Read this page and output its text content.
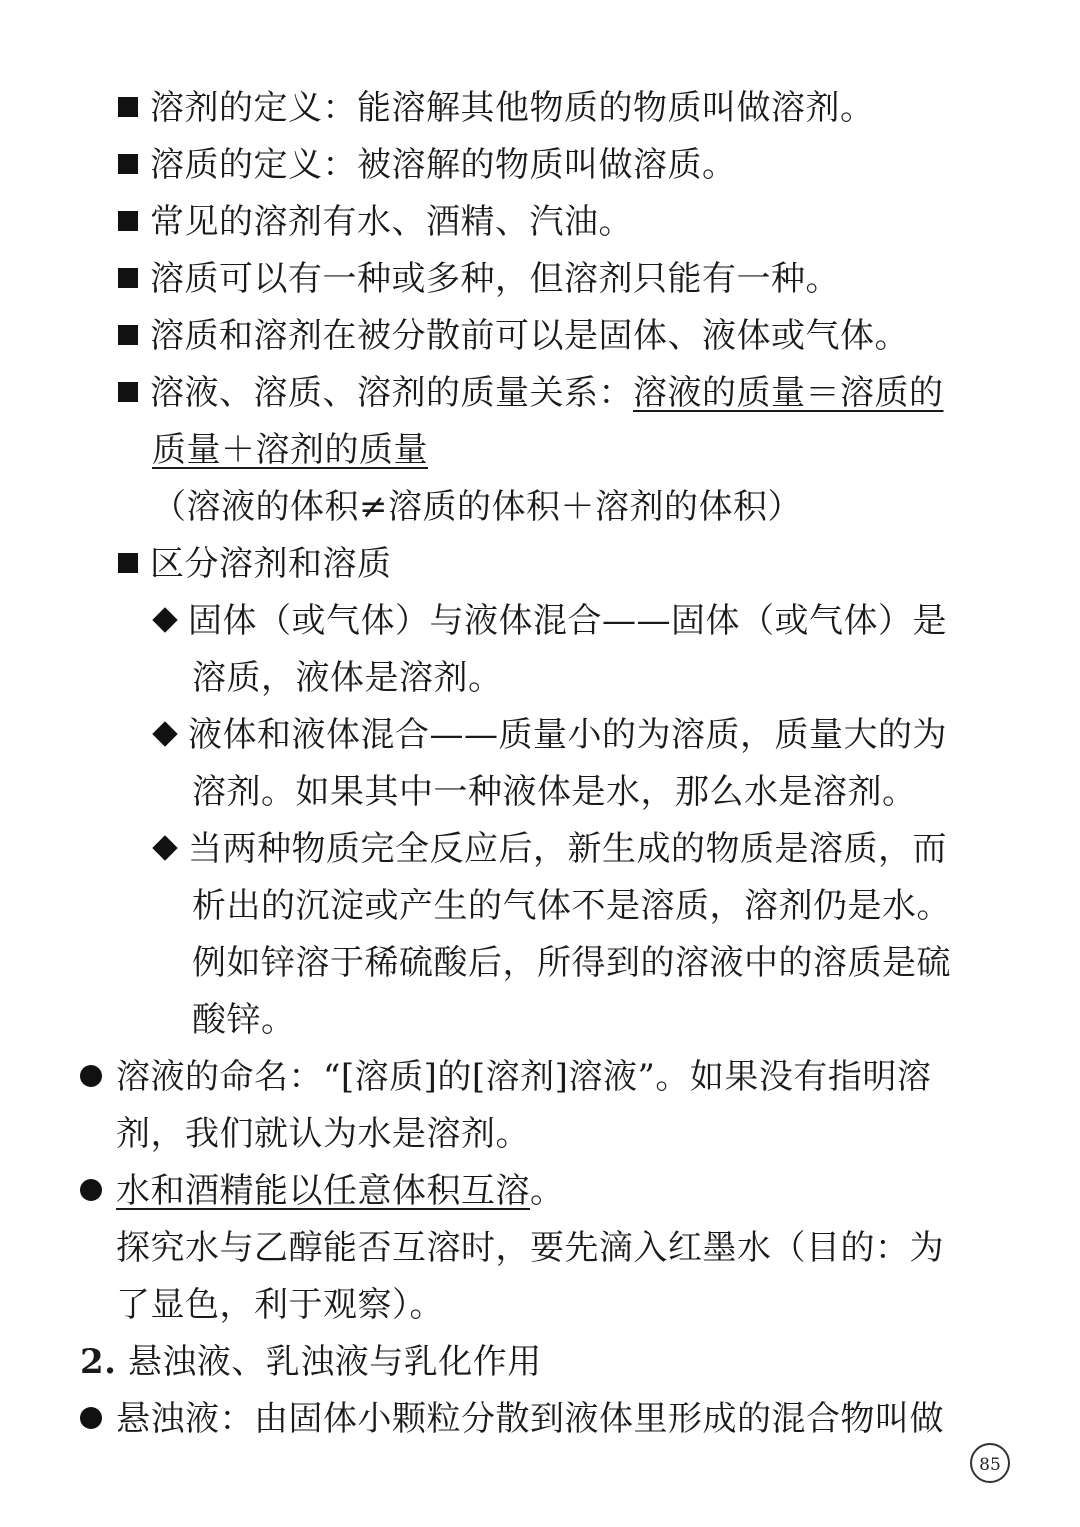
溶剂的定义：能溶解其他物质的物质叫做溶剂。
溶质的定义：被溶解的物质叫做溶质。
常见的溶剂有水、酒精、汽油。
溶质可以有一种或多种，但溶剂只能有一种。
溶质和溶剂在被分散前可以是固体、液体或气体。
溶液、溶质、溶剂的质量关系：溶液的质量＝溶质的
质量＋溶剂的质量
（溶液的体积≠溶质的体积＋溶剂的体积）
区分溶剂和溶质
固体（或气体）与液体混合——固体（或气体）是
溶质，液体是溶剂。
液体和液体混合——质量小的为溶质，质量大的为
溶剂。如果其中一种液体是水，那么水是溶剂。
当两种物质完全反应后，新生成的物质是溶质，而
析出的沉淀或产生的气体不是溶质，溶剂仍是水。
例如锌溶于稀硫酸后，所得到的溶液中的溶质是硫
酸锌。
溶液的命名：“[溶质]的[溶剂]溶液”。如果没有指明溶
剂，我们就认为水是溶剂。
水和酒精能以任意体积互溶。
探究水与乙醇能否互溶时，要先滴入红墨水（目的：为
了显色，利于观察）。
2. 悬浊液、乳浊液与乳化作用
悬浊液：由固体小颗粒分散到液体里形成的混合物叫做
85
